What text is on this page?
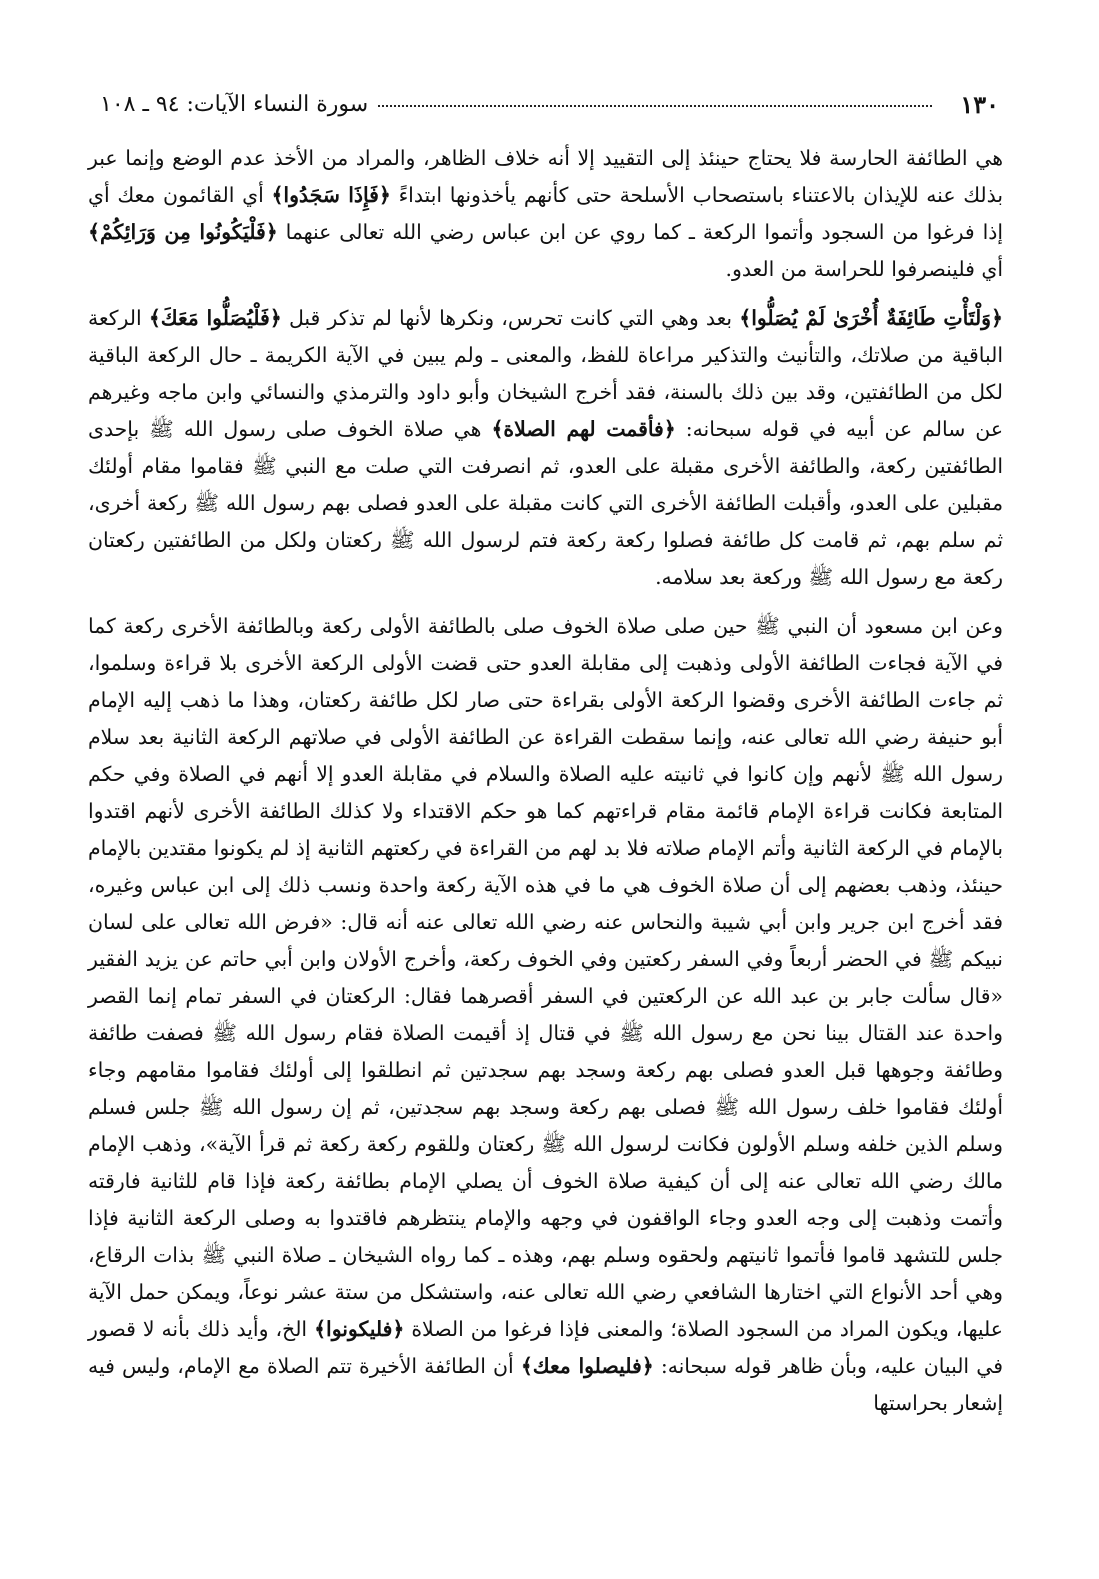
١٣٠
سورة النساء الآيات: ٩٤ ـ ١٠٨

هي الطائفة الحارسة فلا يحتاج حينئذ إلى التقييد إلا أنه خلاف الظاهر، والمراد من الأخذ عدم الوضع وإنما عبر بذلك عنه للإيذان بالاعتناء باستصحاب الأسلحة حتى كأنهم يأخذونها ابتداءً ﴿فَإِذَا سَجَدُوا﴾ أي القائمون معك أي إذا فرغوا من السجود وأتموا الركعة ـ كما روي عن ابن عباس رضي الله تعالى عنهما ﴿فَلْيَكُونُوا مِن وَرَائِكُمْ﴾ أي فلينصرفوا للحراسة من العدو.

﴿وَلْتَأْتِ طَائِفَةٌ أُخْرَىٰ لَمْ يُصَلُّوا﴾ بعد وهي التي كانت تحرس، ونكرها لأنها لم تذكر قبل ﴿فَلْيُصَلُّوا مَعَكَ﴾ الركعة الباقية من صلاتك، والتأنيث والتذكير مراعاة للفظ، والمعنى ـ ولم يبين في الآية الكريمة ـ حال الركعة الباقية لكل من الطائفتين، وقد بين ذلك بالسنة، فقد أخرج الشيخان وأبو داود والترمذي والنسائي وابن ماجه وغيرهم عن سالم عن أبيه في قوله سبحانه: ﴿فأقمت لهم الصلاة﴾ هي صلاة الخوف صلى رسول الله ﷺ بإحدى الطائفتين ركعة، والطائفة الأخرى مقبلة على العدو، ثم انصرفت التي صلت مع النبي ﷺ فقاموا مقام أولئك مقبلين على العدو، وأقبلت الطائفة الأخرى التي كانت مقبلة على العدو فصلى بهم رسول الله ﷺ ركعة أخرى، ثم سلم بهم، ثم قامت كل طائفة فصلوا ركعة ركعة فتم لرسول الله ﷺ ركعتان ولكل من الطائفتين ركعتان ركعة مع رسول الله ﷺ وركعة بعد سلامه.

وعن ابن مسعود أن النبي ﷺ حين صلى صلاة الخوف صلى بالطائفة الأولى ركعة وبالطائفة الأخرى ركعة كما في الآية فجاءت الطائفة الأولى وذهبت إلى مقابلة العدو حتى قضت الأولى الركعة الأخرى بلا قراءة وسلموا، ثم جاءت الطائفة الأخرى وقضوا الركعة الأولى بقراءة حتى صار لكل طائفة ركعتان، وهذا ما ذهب إليه الإمام أبو حنيفة رضي الله تعالى عنه، وإنما سقطت القراءة عن الطائفة الأولى في صلاتهم الركعة الثانية بعد سلام رسول الله ﷺ لأنهم وإن كانوا في ثانيته عليه الصلاة والسلام في مقابلة العدو إلا أنهم في الصلاة وفي حكم المتابعة فكانت قراءة الإمام قائمة مقام قراءتهم كما هو حكم الاقتداء ولا كذلك الطائفة الأخرى لأنهم اقتدوا بالإمام في الركعة الثانية وأتم الإمام صلاته فلا بد لهم من القراءة في ركعتهم الثانية إذ لم يكونوا مقتدين بالإمام حينئذ، وذهب بعضهم إلى أن صلاة الخوف هي ما في هذه الآية ركعة واحدة ونسب ذلك إلى ابن عباس وغيره، فقد أخرج ابن جرير وابن أبي شيبة والنحاس عنه رضي الله تعالى عنه أنه قال: «فرض الله تعالى على لسان نبيكم ﷺ في الحضر أربعاً وفي السفر ركعتين وفي الخوف ركعة، وأخرج الأولان وابن أبي حاتم عن يزيد الفقير «قال سألت جابر بن عبد الله عن الركعتين في السفر أقصرهما فقال: الركعتان في السفر تمام إنما القصر واحدة عند القتال بينا نحن مع رسول الله ﷺ في قتال إذ أقيمت الصلاة فقام رسول الله ﷺ فصفت طائفة وطائفة وجوهها قبل العدو فصلى بهم ركعة وسجد بهم سجدتين ثم انطلقوا إلى أولئك فقاموا مقامهم وجاء أولئك فقاموا خلف رسول الله ﷺ فصلى بهم ركعة وسجد بهم سجدتين، ثم إن رسول الله ﷺ جلس فسلم وسلم الذين خلفه وسلم الأولون فكانت لرسول الله ﷺ ركعتان وللقوم ركعة ركعة ثم قرأ الآية»، وذهب الإمام مالك رضي الله تعالى عنه إلى أن كيفية صلاة الخوف أن يصلي الإمام بطائفة ركعة فإذا قام للثانية فارقته وأتمت وذهبت إلى وجه العدو وجاء الواقفون في وجهه والإمام ينتظرهم فاقتدوا به وصلى الركعة الثانية فإذا جلس للتشهد قاموا فأتموا ثانيتهم ولحقوه وسلم بهم، وهذه ـ كما رواه الشيخان ـ صلاة النبي ﷺ بذات الرقاع، وهي أحد الأنواع التي اختارها الشافعي رضي الله تعالى عنه، واستشكل من ستة عشر نوعاً، ويمكن حمل الآية عليها، ويكون المراد من السجود الصلاة؛ والمعنى فإذا فرغوا من الصلاة ﴿فليكونوا﴾ الخ، وأيد ذلك بأنه لا قصور في البيان عليه، وبأن ظاهر قوله سبحانه: ﴿فليصلوا معك﴾ أن الطائفة الأخيرة تتم الصلاة مع الإمام، وليس فيه إشعار بحراستها
